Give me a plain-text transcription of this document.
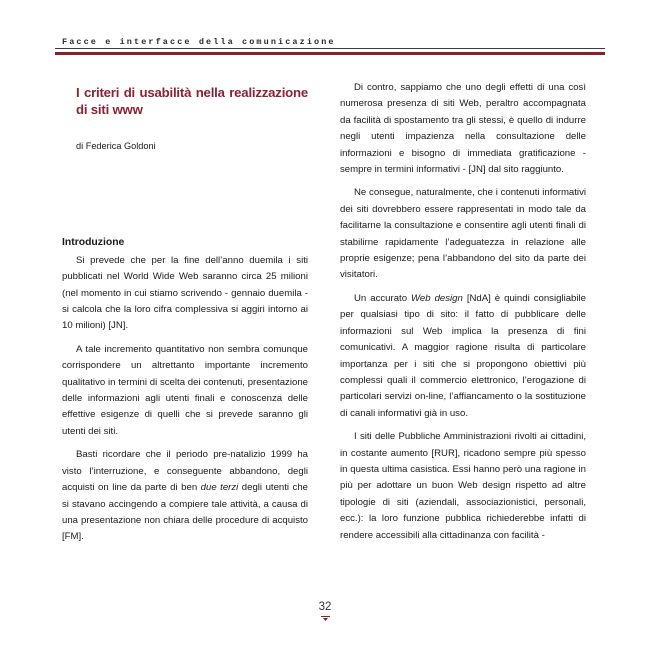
Facce e interfacce della comunicazione
I criteri di usabilità nella realizzazione di siti www
di Federica Goldoni
Introduzione

Si prevede che per la fine dell’anno duemila i siti pubblicati nel World Wide Web saranno circa 25 milioni (nel momento in cui stiamo scrivendo - gennaio duemila - si calcola che la loro cifra complessiva si aggiri intorno ai 10 milioni) [JN].

A tale incremento quantitativo non sembra comunque corrispondere un altrettanto importante incremento qualitativo in termini di scelta dei contenuti, presentazione delle informazioni agli utenti finali e conoscenza delle effettive esigenze di quelli che si prevede saranno gli utenti dei siti.

Basti ricordare che il periodo pre-natalizio 1999 ha visto l’interruzione, e conseguente abbandono, degli acquisti on line da parte di ben due terzi degli utenti che si stavano accingendo a compiere tale attività, a causa di una presentazione non chiara delle procedure di acquisto [FM].

Di contro, sappiamo che uno degli effetti di una così numerosa presenza di siti Web, peraltro accompagnata da facilità di spostamento tra gli stessi, è quello di indurre negli utenti impazienza nella consultazione delle informazioni e bisogno di immediata gratificazione - sempre in termini informativi - [JN] dal sito raggiunto.

Ne consegue, naturalmente, che i contenuti informativi dei siti dovrebbero essere rappresentati in modo tale da facilitarne la consultazione e consentire agli utenti finali di stabilirne rapidamente l’adeguatezza in relazione alle proprie esigenze; pena l’abbandono del sito da parte dei visitatori.

Un accurato Web design [NdA] è quindi consigliabile per qualsiasi tipo di sito: il fatto di pubblicare delle informazioni sul Web implica la presenza di fini comunicativi. A maggior ragione risulta di particolare importanza per i siti che si propongono obiettivi più complessi quali il commercio elettronico, l’erogazione di particolari servizi on-line, l’affiancamento o la sostituzione di canali informativi già in uso.

I siti delle Pubbliche Amministrazioni rivolti ai cittadini, in costante aumento [RUR], ricadono sempre più spesso in questa ultima casistica. Essi hanno però una ragione in più per adottare un buon Web design rispetto ad altre tipologie di siti (aziendali, associazionistici, personali, ecc.): la loro funzione pubblica richiederebbe infatti di rendere accessibili alla cittadinanza con facilità -

32
